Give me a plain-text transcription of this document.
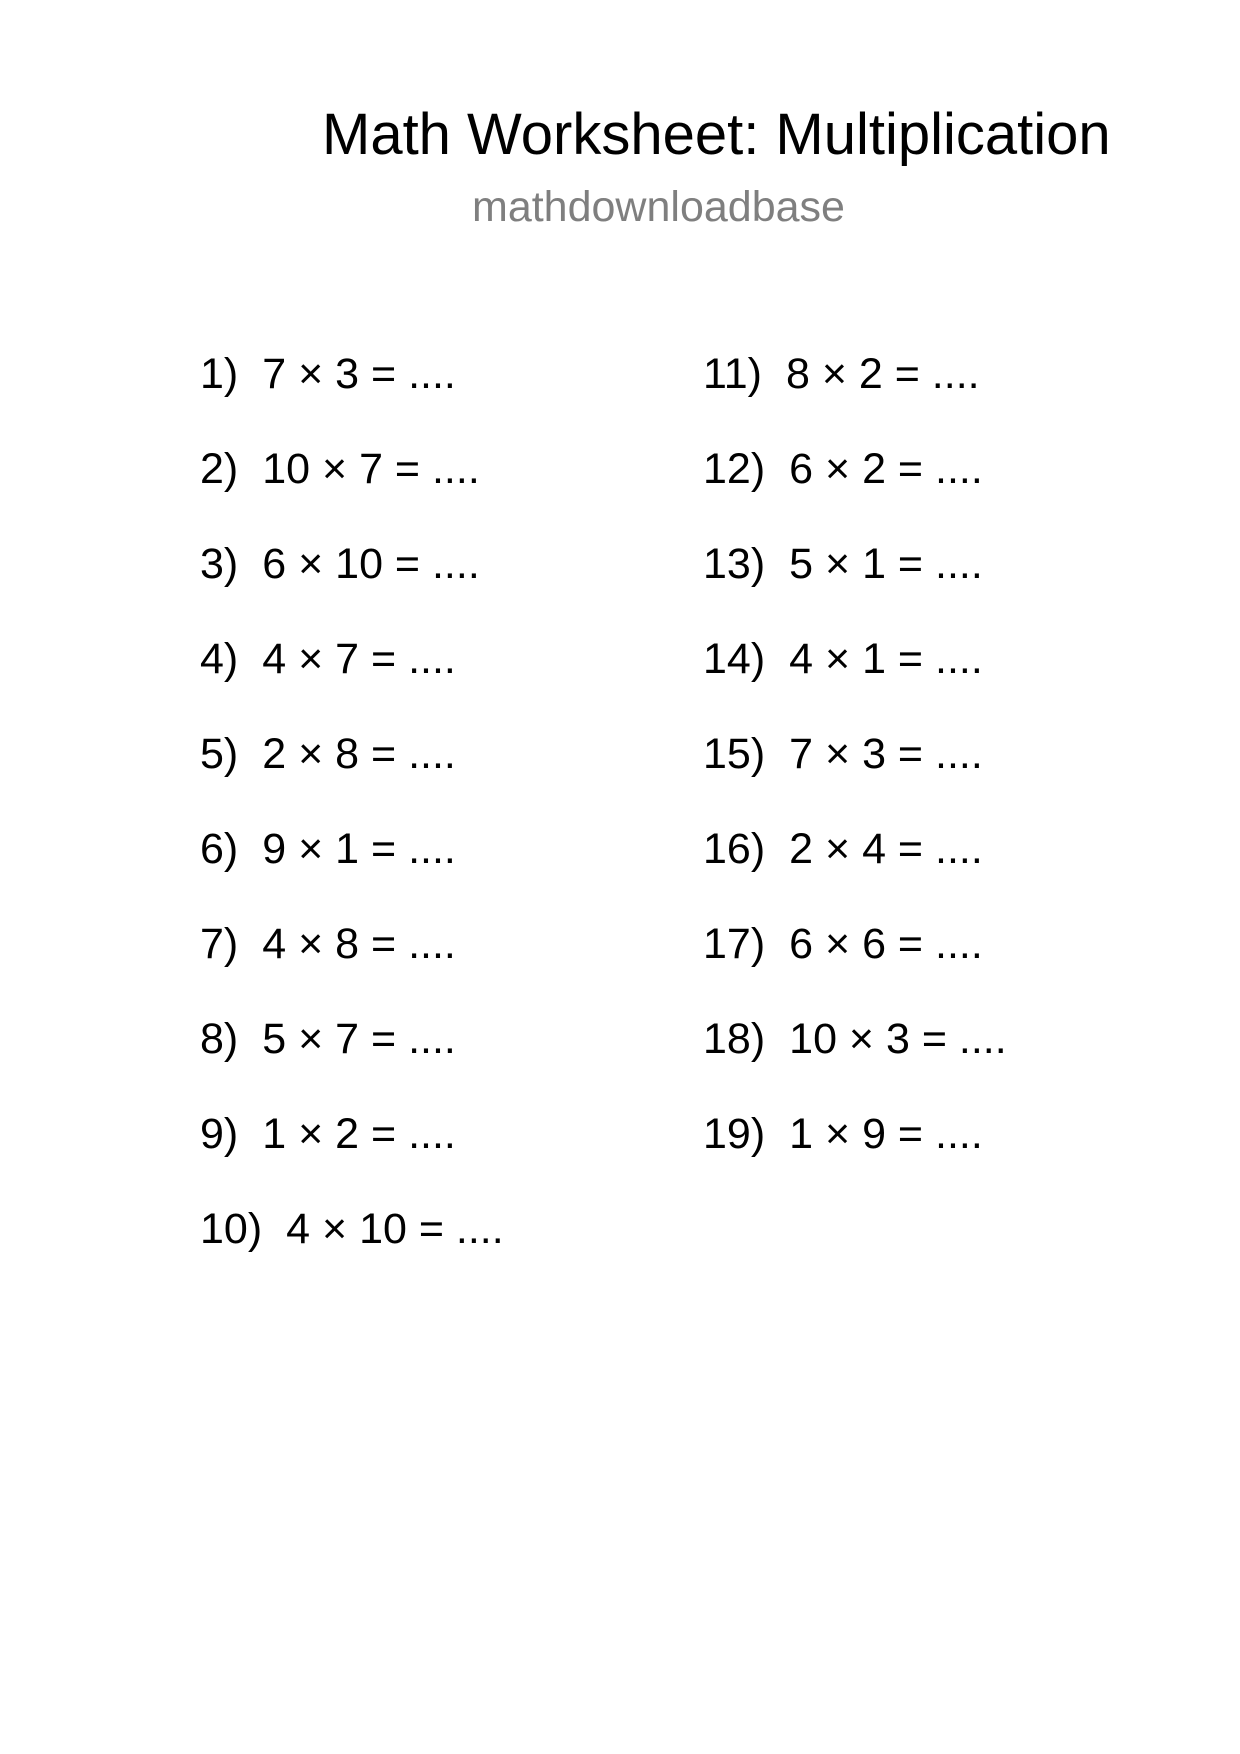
Math Worksheet: Multiplication
mathdownloadbase
1) 7 × 3 = ....
2) 10 × 7 = ....
3) 6 × 10 = ....
4) 4 × 7 = ....
5) 2 × 8 = ....
6) 9 × 1 = ....
7) 4 × 8 = ....
8) 5 × 7 = ....
9) 1 × 2 = ....
10) 4 × 10 = ....
11) 8 × 2 = ....
12) 6 × 2 = ....
13) 5 × 1 = ....
14) 4 × 1 = ....
15) 7 × 3 = ....
16) 2 × 4 = ....
17) 6 × 6 = ....
18) 10 × 3 = ....
19) 1 × 9 = ....
